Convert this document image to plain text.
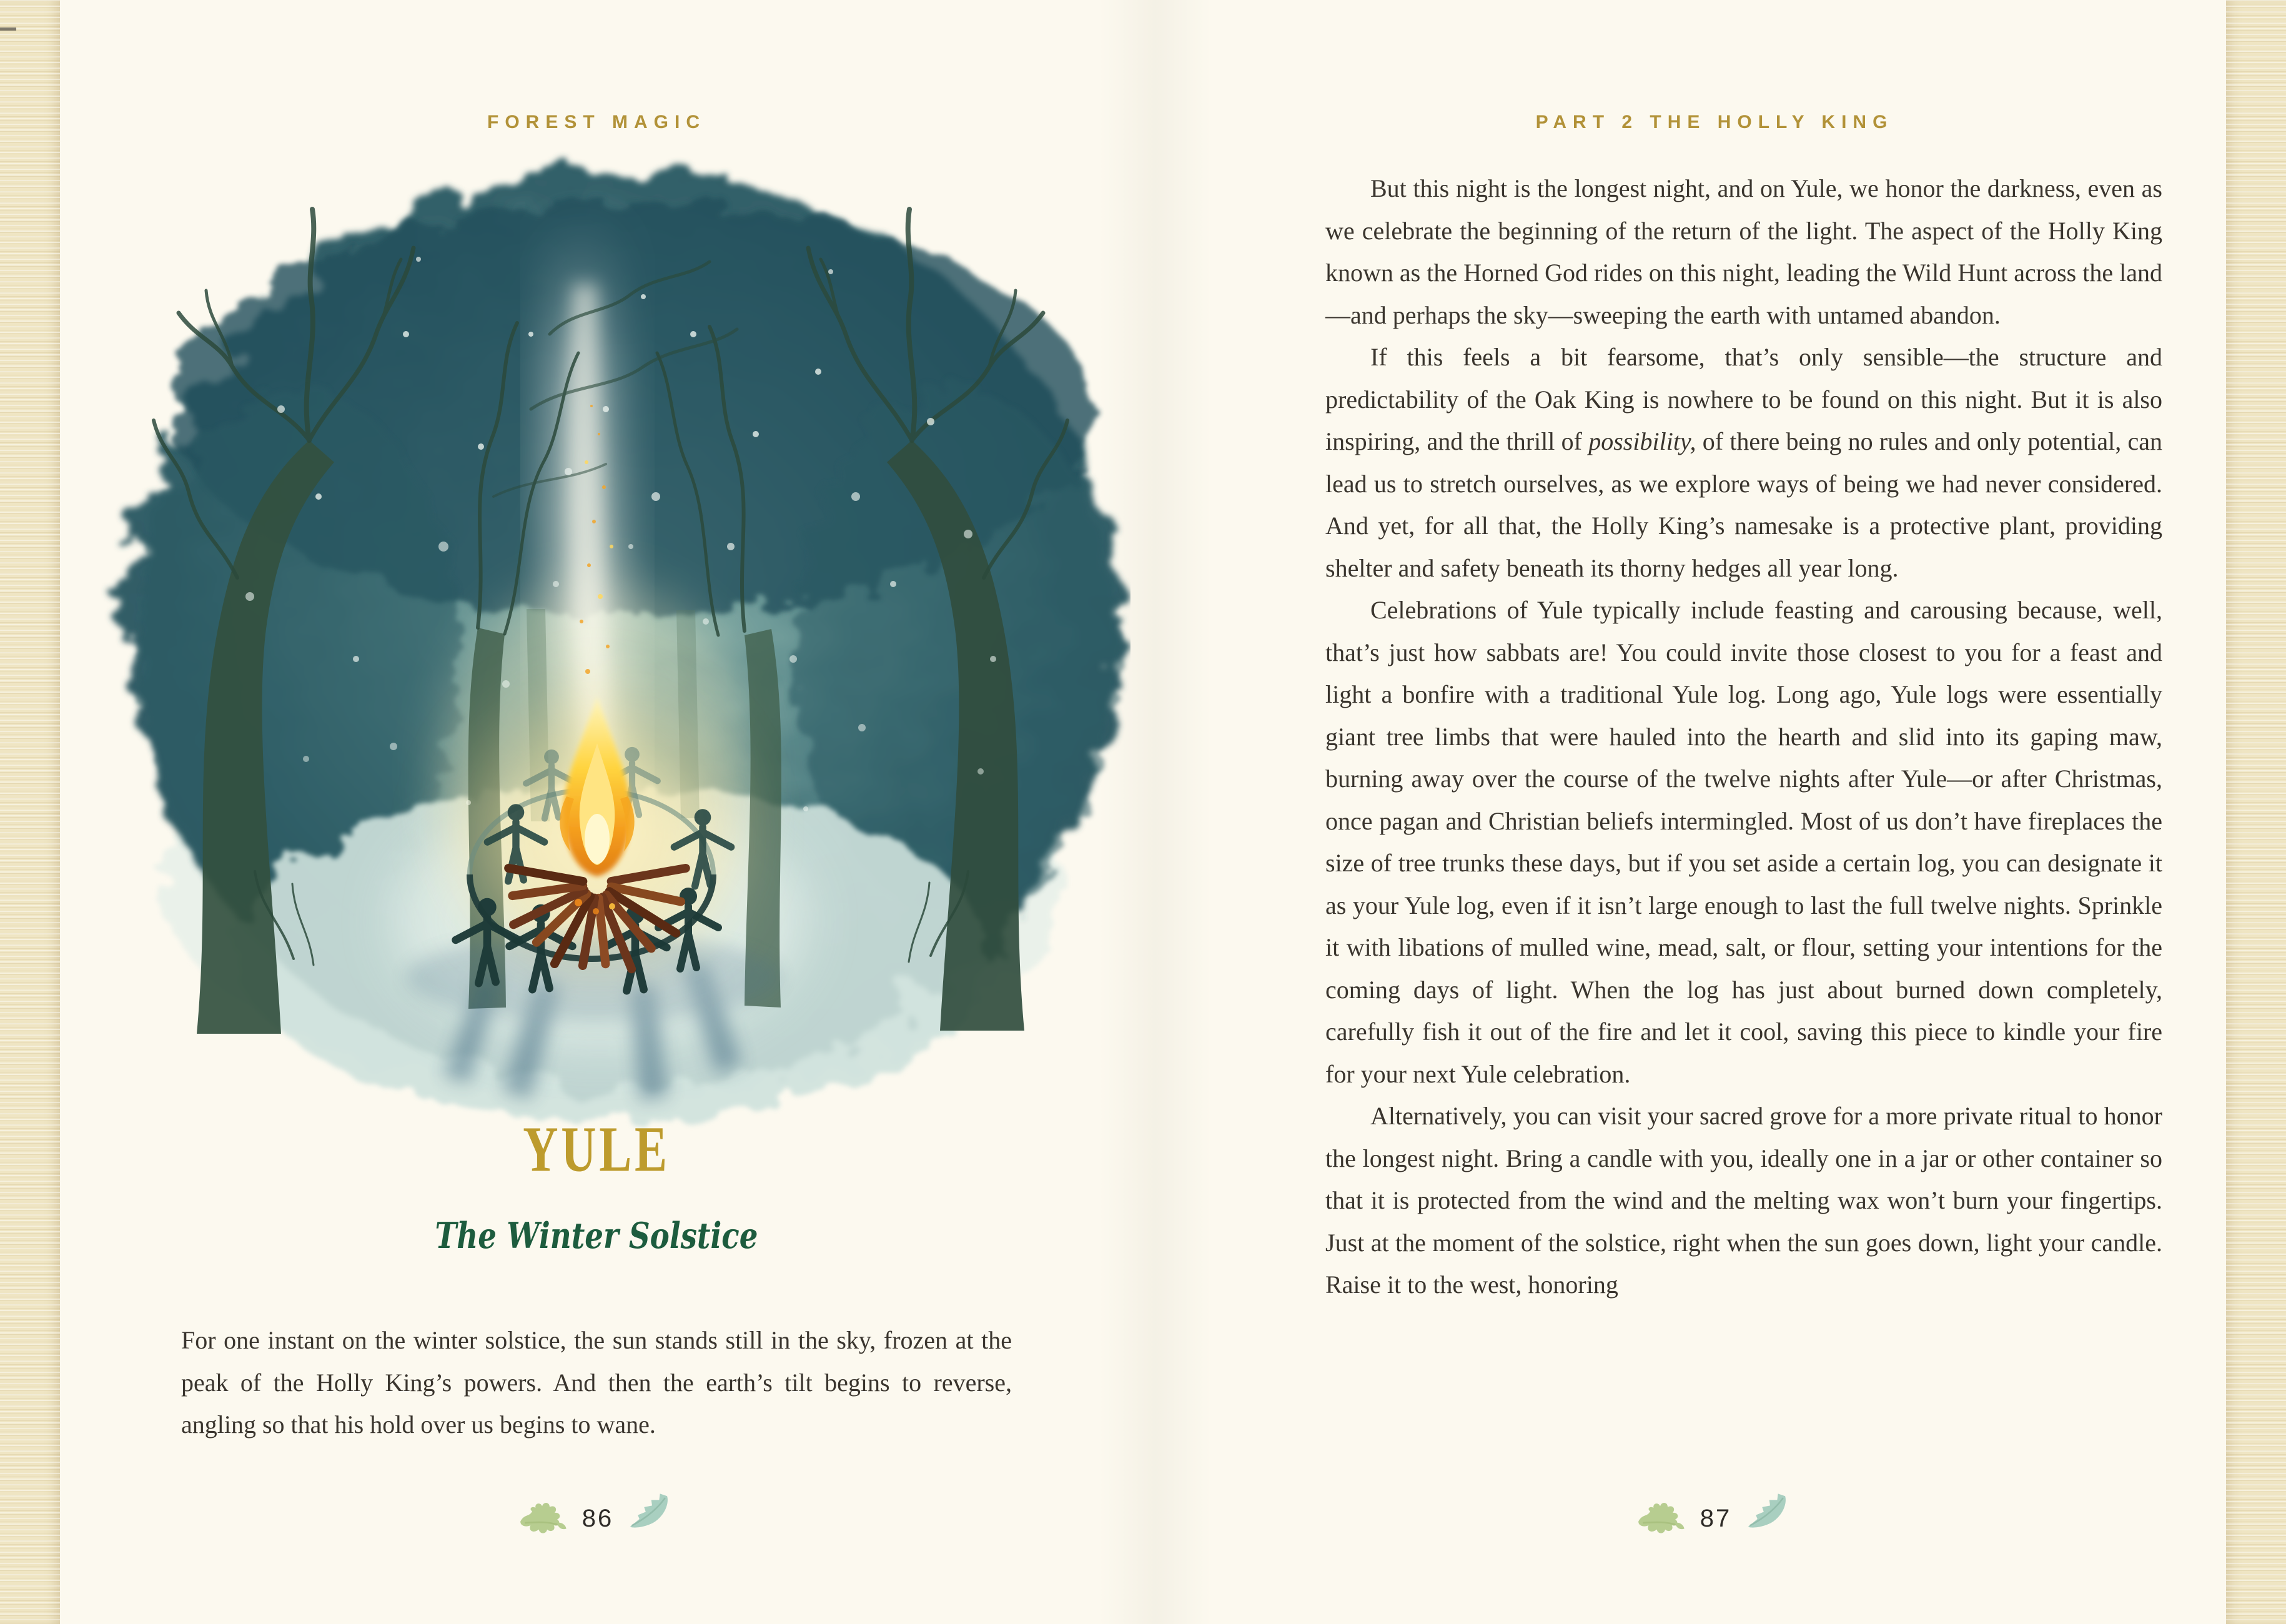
FOREST MAGIC
YULE
The Winter Solstice

For one instant on the winter solstice, the sun stands still in the sky, frozen at the peak of the Holly King’s powers. And then the earth’s tilt begins to reverse, angling so that his hold over us begins to wane.

86
PART 2 THE HOLLY KING

But this night is the longest night, and on Yule, we honor the darkness, even as we celebrate the beginning of the return of the light. The aspect of the Holly King known as the Horned God rides on this night, leading the Wild Hunt across the land—and perhaps the sky—sweeping the earth with untamed abandon.

If this feels a bit fearsome, that’s only sensible—the structure and predictability of the Oak King is nowhere to be found on this night. But it is also inspiring, and the thrill of possibility, of there being no rules and only potential, can lead us to stretch ourselves, as we explore ways of being we had never considered. And yet, for all that, the Holly King’s namesake is a protective plant, providing shelter and safety beneath its thorny hedges all year long.

Celebrations of Yule typically include feasting and carousing because, well, that’s just how sabbats are! You could invite those closest to you for a feast and light a bonfire with a traditional Yule log. Long ago, Yule logs were essentially giant tree limbs that were hauled into the hearth and slid into its gaping maw, burning away over the course of the twelve nights after Yule—or after Christmas, once pagan and Christian beliefs intermingled. Most of us don’t have fireplaces the size of tree trunks these days, but if you set aside a certain log, you can designate it as your Yule log, even if it isn’t large enough to last the full twelve nights. Sprinkle it with libations of mulled wine, mead, salt, or flour, setting your intentions for the coming days of light. When the log has just about burned down completely, carefully fish it out of the fire and let it cool, saving this piece to kindle your fire for your next Yule celebration.

Alternatively, you can visit your sacred grove for a more private ritual to honor the longest night. Bring a candle with you, ideally one in a jar or other container so that it is protected from the wind and the melting wax won’t burn your fingertips. Just at the moment of the solstice, right when the sun goes down, light your candle. Raise it to the west, honoring

87
